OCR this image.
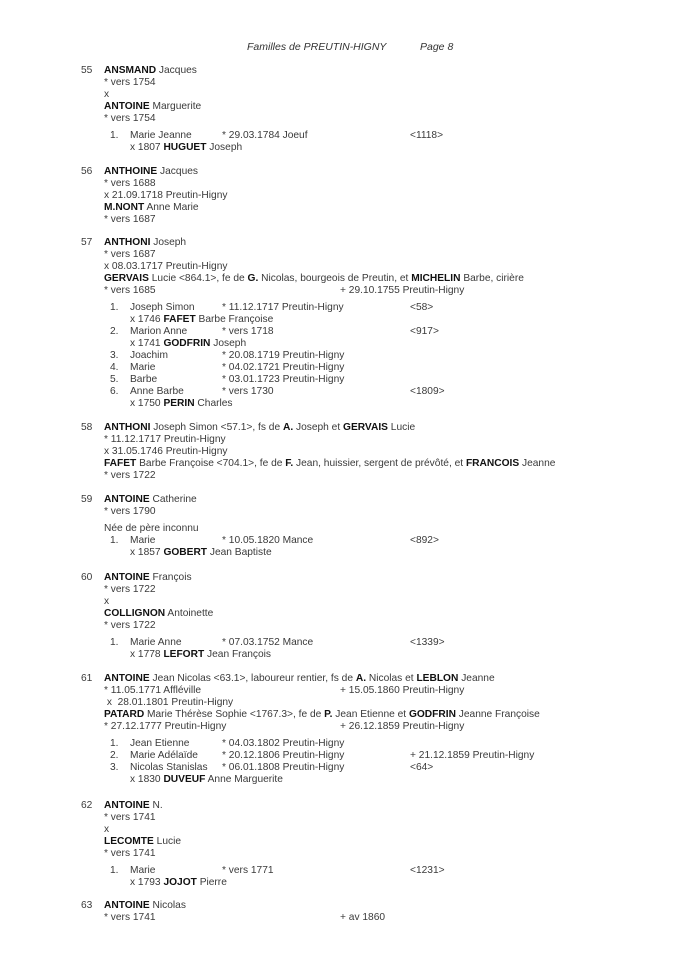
Familles de PREUTIN-HIGNY	Page 8
55 ANSMAND Jacques
* vers 1754
x
ANTOINE Marguerite
* vers 1754
1. Marie Jeanne	* 29.03.1784 Joeuf	<1118>
x 1807 HUGUET Joseph
56 ANTHOINE Jacques
* vers 1688
x 21.09.1718 Preutin-Higny
M.NONT Anne Marie
* vers 1687
57 ANTHONI Joseph
* vers 1687
x 08.03.1717 Preutin-Higny
GERVAIS Lucie <864.1>, fe de G. Nicolas, bourgeois de Preutin, et MICHELIN Barbe, cirière
* vers 1685	+ 29.10.1755 Preutin-Higny
1. Joseph Simon	* 11.12.1717 Preutin-Higny	<58>
x 1746 FAFET Barbe Françoise
2. Marion Anne	* vers 1718	<917>
x 1741 GODFRIN Joseph
3. Joachim	* 20.08.1719 Preutin-Higny
4. Marie	* 04.02.1721 Preutin-Higny
5. Barbe	* 03.01.1723 Preutin-Higny
6. Anne Barbe	* vers 1730	<1809>
x 1750 PERIN Charles
58 ANTHONI Joseph Simon <57.1>, fs de A. Joseph et GERVAIS Lucie
* 11.12.1717 Preutin-Higny
x 31.05.1746 Preutin-Higny
FAFET Barbe Françoise <704.1>, fe de F. Jean, huissier, sergent de prévôté, et FRANCOIS Jeanne
* vers 1722
59 ANTOINE Catherine
* vers 1790
Née de père inconnu
1. Marie	* 10.05.1820 Mance	<892>
x 1857 GOBERT Jean Baptiste
60 ANTOINE François
* vers 1722
x
COLLIGNON Antoinette
* vers 1722
1. Marie Anne	* 07.03.1752 Mance	<1339>
x 1778 LEFORT Jean François
61 ANTOINE Jean Nicolas <63.1>, laboureur rentier, fs de A. Nicolas et LEBLON Jeanne
* 11.05.1771 Affléville	+ 15.05.1860 Preutin-Higny
x  28.01.1801 Preutin-Higny
PATARD Marie Thérèse Sophie <1767.3>, fe de P. Jean Etienne et GODFRIN Jeanne Françoise
* 27.12.1777 Preutin-Higny	+ 26.12.1859 Preutin-Higny
1. Jean Etienne	* 04.03.1802 Preutin-Higny
2. Marie Adélaïde * 20.12.1806 Preutin-Higny	+ 21.12.1859 Preutin-Higny
3. Nicolas Stanislas * 06.01.1808 Preutin-Higny	<64>
x 1830 DUVEUF Anne Marguerite
62 ANTOINE N.
* vers 1741
x
LECOMTE Lucie
* vers 1741
1. Marie	* vers 1771	<1231>
x 1793 JOJOT Pierre
63 ANTOINE Nicolas
* vers 1741	+ av 1860
